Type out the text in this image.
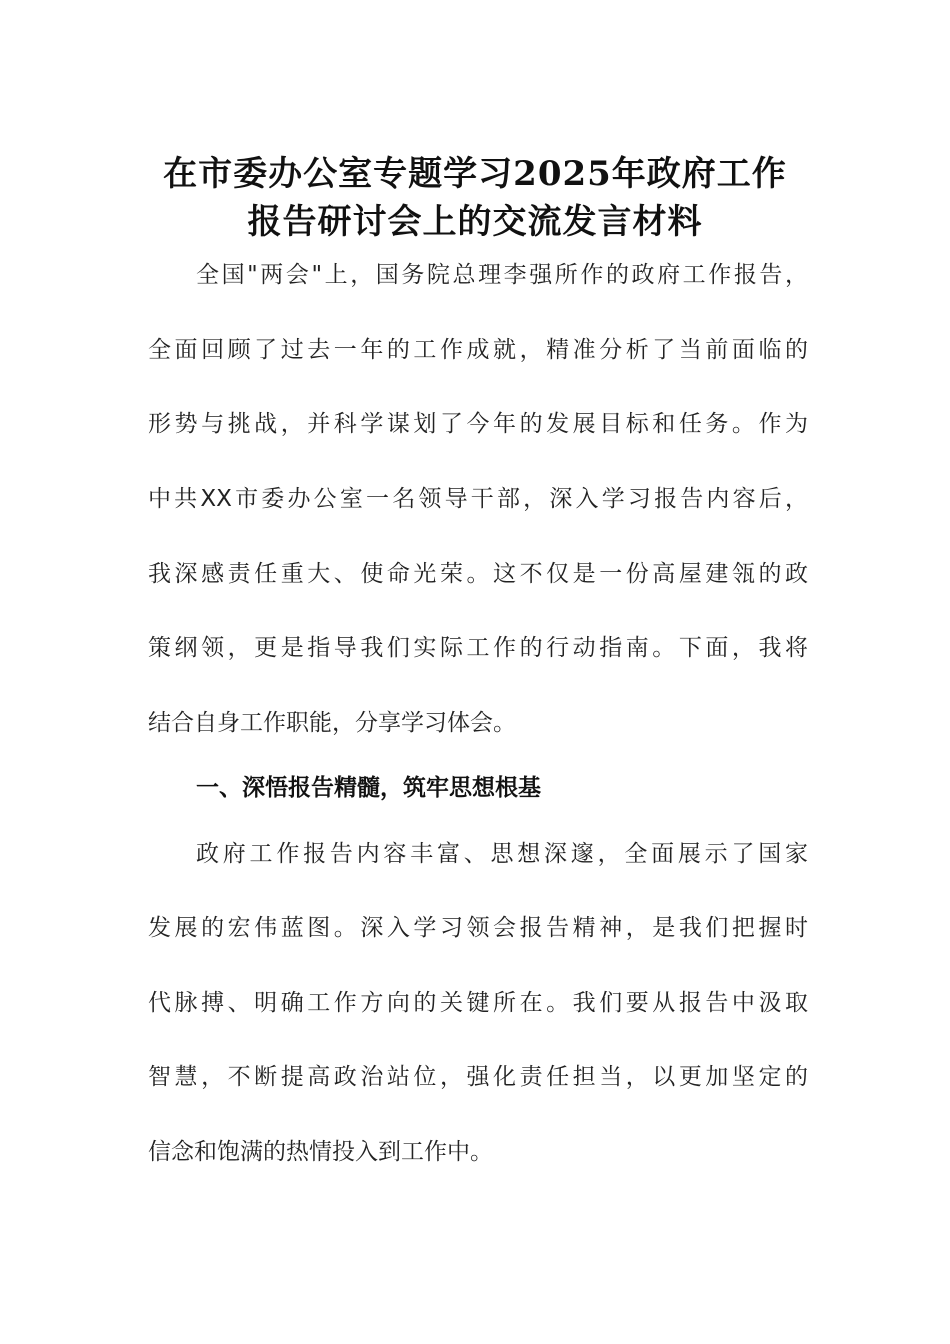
在市委办公室专题学习2025年政府工作
报告研讨会上的交流发言材料
全国"两会"上，国务院总理李强所作的政府工作报告，
全面回顾了过去一年的工作成就，精准分析了当前面临的
形势与挑战，并科学谋划了今年的发展目标和任务。作为
中共XX市委办公室一名领导干部，深入学习报告内容后，
我深感责任重大、使命光荣。这不仅是一份高屋建瓴的政
策纲领，更是指导我们实际工作的行动指南。下面，我将
结合自身工作职能，分享学习体会。
一、深悟报告精髓，筑牢思想根基
政府工作报告内容丰富、思想深邃，全面展示了国家
发展的宏伟蓝图。深入学习领会报告精神，是我们把握时
代脉搏、明确工作方向的关键所在。我们要从报告中汲取
智慧，不断提高政治站位，强化责任担当，以更加坚定的
信念和饱满的热情投入到工作中。
